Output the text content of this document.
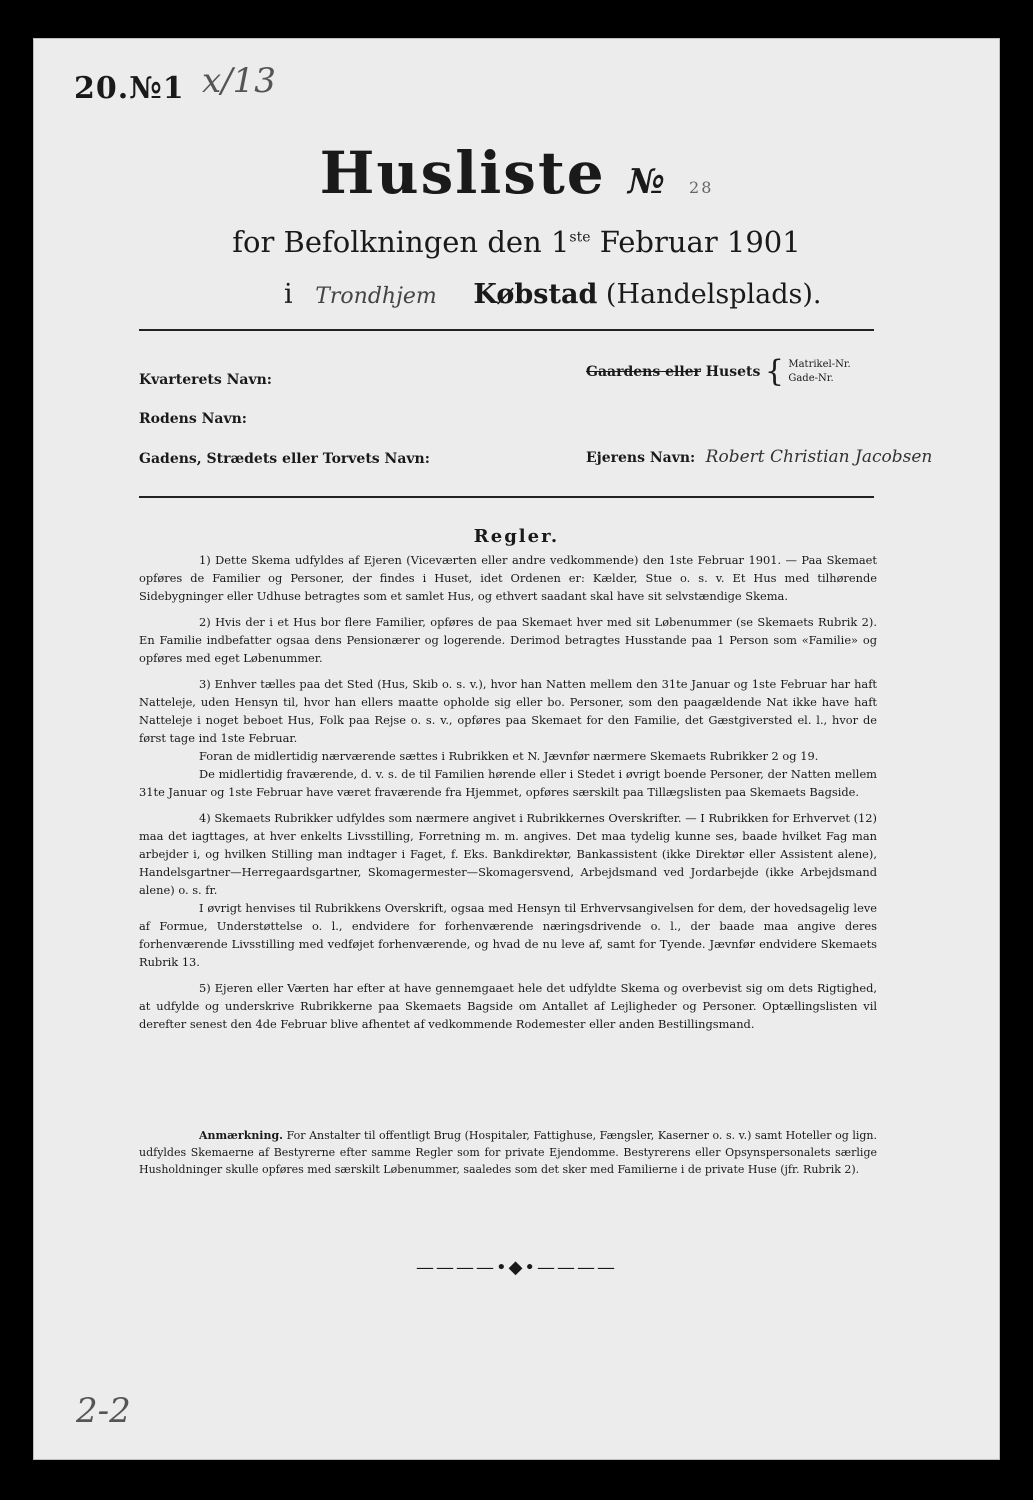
20.№1 x/13
Husliste № 28
for Befolkningen den 1ste Februar 1901
i Trondhjem Købstad (Handelsplads).
Kvarterets Navn:
Rodens Navn:
Gadens, Strædets eller Torvets Navn:
Gaardens eller Husets { Matrikel-Nr.
Gade-Nr.
Ejerens Navn: Robert Christian Jacobsen
Regler.

1) Dette Skema udfyldes af Ejeren (Viceværten eller andre vedkommende) den 1ste Februar 1901. — Paa Skemaet opføres de Familier og Personer, der findes i Huset, idet Ordenen er: Kælder, Stue o. s. v. Et Hus med tilhørende Sidebygninger eller Udhuse betragtes som et samlet Hus, og ethvert saadant skal have sit selvstændige Skema.

2) Hvis der i et Hus bor flere Familier, opføres de paa Skemaet hver med sit Løbenummer (se Skemaets Rubrik 2). En Familie indbefatter ogsaa dens Pensionærer og logerende. Derimod betragtes Husstande paa 1 Person som «Familie» og opføres med eget Løbenummer.

3) Enhver tælles paa det Sted (Hus, Skib o. s. v.), hvor han Natten mellem den 31te Januar og 1ste Februar har haft Natteleje, uden Hensyn til, hvor han ellers maatte opholde sig eller bo. Personer, som den paagældende Nat ikke have haft Natteleje i noget beboet Hus, Folk paa Rejse o. s. v., opføres paa Skemaet for den Familie, det Gæstgiversted el. l., hvor de først tage ind 1ste Februar.

Foran de midlertidig nærværende sættes i Rubrikken et N. Jævnfør nærmere Skemaets Rubrikker 2 og 19.

De midlertidig fraværende, d. v. s. de til Familien hørende eller i Stedet i øvrigt boende Personer, der Natten mellem 31te Januar og 1ste Februar have været fraværende fra Hjemmet, opføres særskilt paa Tillægslisten paa Skemaets Bagside.

4) Skemaets Rubrikker udfyldes som nærmere angivet i Rubrikkernes Overskrifter. — I Rubrikken for Erhvervet (12) maa det iagttages, at hver enkelts Livsstilling, Forretning m. m. angives. Det maa tydelig kunne ses, baade hvilket Fag man arbejder i, og hvilken Stilling man indtager i Faget, f. Eks. Bankdirektør, Bankassistent (ikke Direktør eller Assistent alene), Handelsgartner—Herregaardsgartner, Skomagermester—Skomagersvend, Arbejdsmand ved Jordarbejde (ikke Arbejdsmand alene) o. s. fr.

I øvrigt henvises til Rubrikkens Overskrift, ogsaa med Hensyn til Erhvervsangivelsen for dem, der hovedsagelig leve af Formue, Understøttelse o. l., endvidere for forhenværende næringsdrivende o. l., der baade maa angive deres forhenværende Livsstilling med vedføjet forhenværende, og hvad de nu leve af, samt for Tyende. Jævnfør endvidere Skemaets Rubrik 13.

5) Ejeren eller Værten har efter at have gennemgaaet hele det udfyldte Skema og overbevist sig om dets Rigtighed, at udfylde og underskrive Rubrikkerne paa Skemaets Bagside om Antallet af Lejligheder og Personer. Optællingslisten vil derefter senest den 4de Februar blive afhentet af vedkommende Rodemester eller anden Bestillingsmand.

Anmærkning. For Anstalter til offentligt Brug (Hospitaler, Fattighuse, Fængsler, Kaserner o. s. v.) samt Hoteller og lign. udfyldes Skemaerne af Bestyrerne efter samme Regler som for private Ejendomme. Bestyrerens eller Opsynspersonalets særlige Husholdninger skulle opføres med særskilt Løbenummer, saaledes som det sker med Familierne i de private Huse (jfr. Rubrik 2).
————•◆•————
2-2
